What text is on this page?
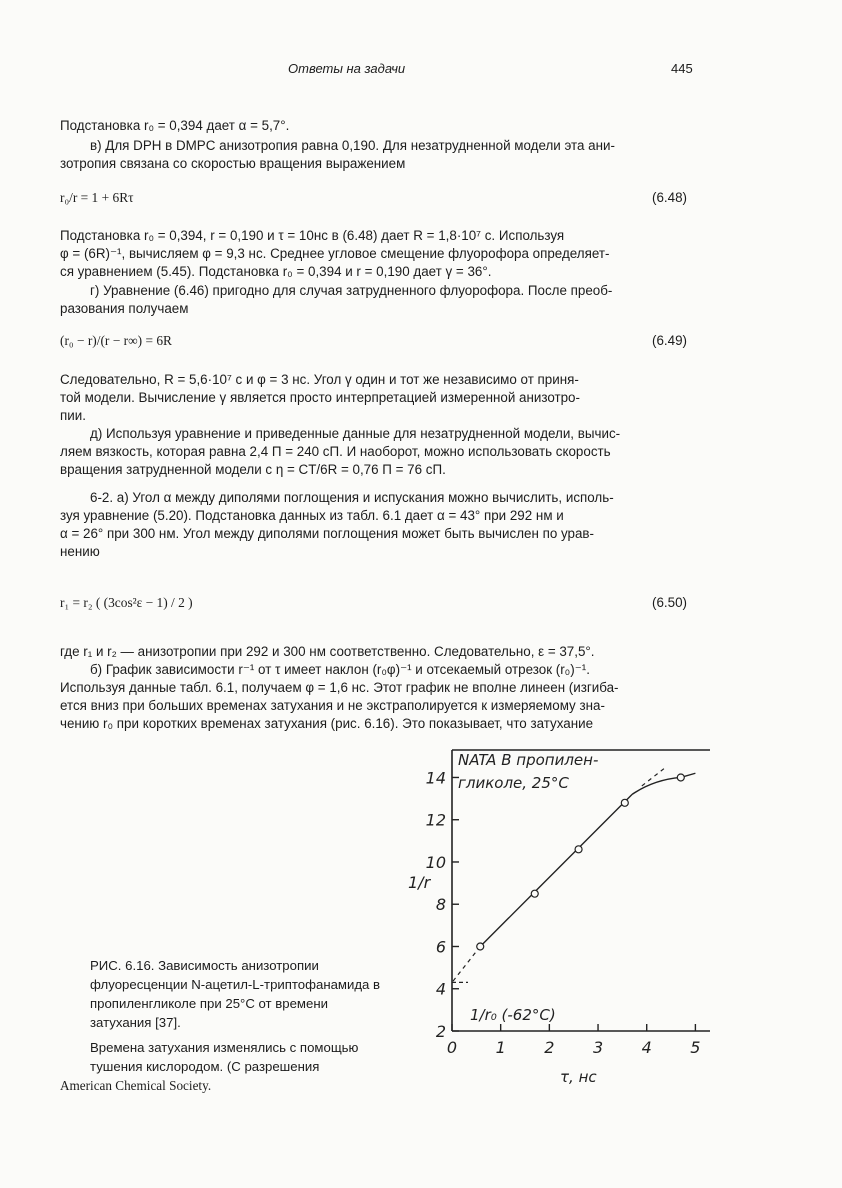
Ответы на задачи	445
Подстановка r₀ = 0,394 дает α = 5,7°.
в) Для DPH в DMPC анизотропия равна 0,190. Для незатрудненной модели эта ани-
зотропия связана со скоростью вращения выражением
r₀/r = 1 + 6Rτ	(6.48)
Подстановка r₀ = 0,394, r = 0,190 и τ = 10нс в (6.48) дает R = 1,8·10⁷ с. Используя
φ = (6R)⁻¹, вычисляем φ = 9,3 нс. Среднее угловое смещение флуорофора определяет-
ся уравнением (5.45). Подстановка r₀ = 0,394 и r = 0,190 дает γ = 36°.
г) Уравнение (6.46) пригодно для случая затрудненного флуорофора. После преоб-
разования получаем
(r₀ − r)/(r − r∞) = 6R	(6.49)
Следовательно, R = 5,6·10⁷ с и φ = 3 нс. Угол γ один и тот же независимо от приня-
той модели. Вычисление γ является просто интерпретацией измеренной анизотро-
пии.
д) Используя уравнение и приведенные данные для незатрудненной модели, вычис-
ляем вязкость, которая равна 2,4 П = 240 сП. И наоборот, можно использовать скорость
вращения затрудненной модели с η = CT/6R = 0,76 П = 76 сП.
6-2. а) Угол α между диполями поглощения и испускания можно вычислить, исполь-
зуя уравнение (5.20). Подстановка данных из табл. 6.1 дает α = 43° при 292 нм и
α = 26° при 300 нм. Угол между диполями поглощения может быть вычислен по урав-
нению
r₁ = r₂ ( (3cos²ε − 1) / 2 )	(6.50)
где r₁ и r₂ — анизотропии при 292 и 300 нм соответственно. Следовательно, ε = 37,5°.
б) График зависимости r⁻¹ от τ имеет наклон (r₀φ)⁻¹ и отсекаемый отрезок (r₀)⁻¹.
Используя данные табл. 6.1, получаем φ = 1,6 нс. Этот график не вполне линеен (изгиба-
ется вниз при больших временах затухания и не экстраполируется к измеряемому зна-
чению r₀ при коротких временах затухания (рис. 6.16). Это показывает, что затухание

РИС. 6.16. Зависимость анизотропии флуоресценции N-ацетил-L-триптофанамида в пропиленгликоле при 25°С от времени затухания [37].

Времена затухания изменялись с помощью тушения кислородом. (С разрешения

American Chemical Society.
2
4
6
8
10
12
14
0 1 2 3 4 5
NATA В пропилен-
гликоле, 25°С
1/r₀ (-62°С)
1/r
τ, нс
